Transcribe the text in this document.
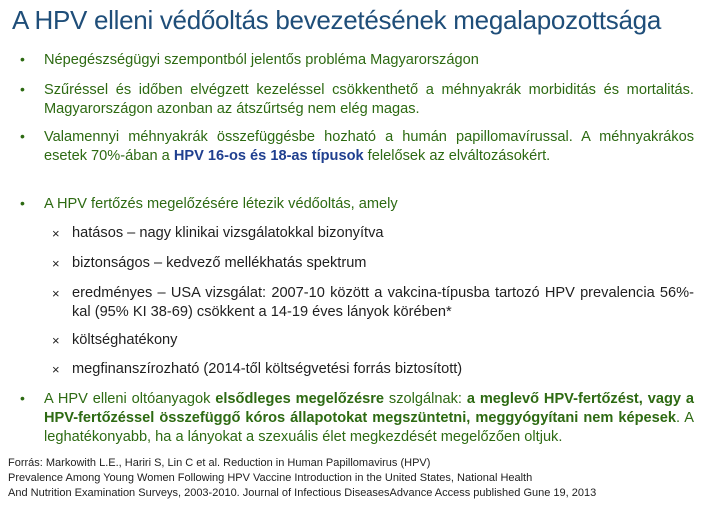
A HPV elleni védőoltás bevezetésének megalapozottsága
•	Népegészségügyi szempontból jelentős probléma Magyarországon
•	Szűréssel és időben elvégzett kezeléssel csökkenthető a méhnyakrák morbiditás és mortalitás. Magyarországon azonban az átszűrtség nem elég magas.
•	Valamennyi méhnyakrák összefüggésbe hozható a humán papillomavírussal. A méhnyakrákos esetek 70%-ában a HPV 16-os és 18-as típusok felelősek az elváltozásokért.
•	A HPV fertőzés megelőzésére létezik védőoltás, amely
× hatásos – nagy klinikai vizsgálatokkal bizonyítva
× biztonságos – kedvező mellékhatás spektrum
× eredményes – USA vizsgálat: 2007-10 között a vakcina-típusba tartozó HPV prevalencia 56%-kal (95% KI 38-69) csökkent a 14-19 éves lányok körében*
× költséghatékony
× megfinanszírozható (2014-től költségvetési forrás biztosított)
•	A HPV elleni oltóanyagok elsődleges megelőzésre szolgálnak: a meglevő HPV-fertőzést, vagy a HPV-fertőzéssel összefüggő kóros állapotokat megszüntetni, meggyógyítani nem képesek. A leghatékonyabb, ha a lányokat a szexuális élet megkezdését megelőzően oltjuk.
Forrás: Markowith L.E., Hariri S, Lin C et al. Reduction in Human Papillomavirus (HPV)
Prevalence Among Young Women Following HPV Vaccine Introduction in the United States, National Health
And Nutrition Examination Surveys, 2003-2010. Journal of Infectious DiseasesAdvance Access published Gune 19, 2013
